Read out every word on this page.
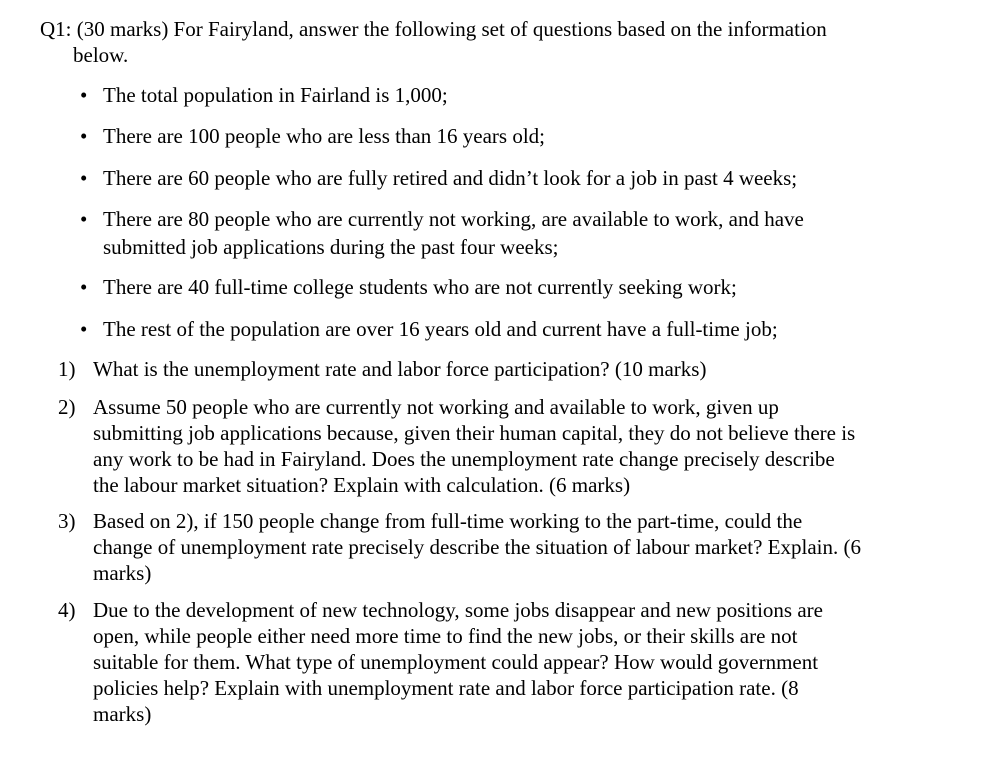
Q1: (30 marks) For Fairyland, answer the following set of questions based on the information
below.
• The total population in Fairland is 1,000;
• There are 100 people who are less than 16 years old;
• There are 60 people who are fully retired and didn’t look for a job in past 4 weeks;
• There are 80 people who are currently not working, are available to work, and have
submitted job applications during the past four weeks;
• There are 40 full-time college students who are not currently seeking work;
• The rest of the population are over 16 years old and current have a full-time job;
1) What is the unemployment rate and labor force participation? (10 marks)
2) Assume 50 people who are currently not working and available to work, given up
submitting job applications because, given their human capital, they do not believe there is
any work to be had in Fairyland. Does the unemployment rate change precisely describe
the labour market situation? Explain with calculation. (6 marks)
3) Based on 2), if 150 people change from full-time working to the part-time, could the
change of unemployment rate precisely describe the situation of labour market? Explain. (6
marks)
4) Due to the development of new technology, some jobs disappear and new positions are
open, while people either need more time to find the new jobs, or their skills are not
suitable for them. What type of unemployment could appear? How would government
policies help? Explain with unemployment rate and labor force participation rate. (8
marks)
